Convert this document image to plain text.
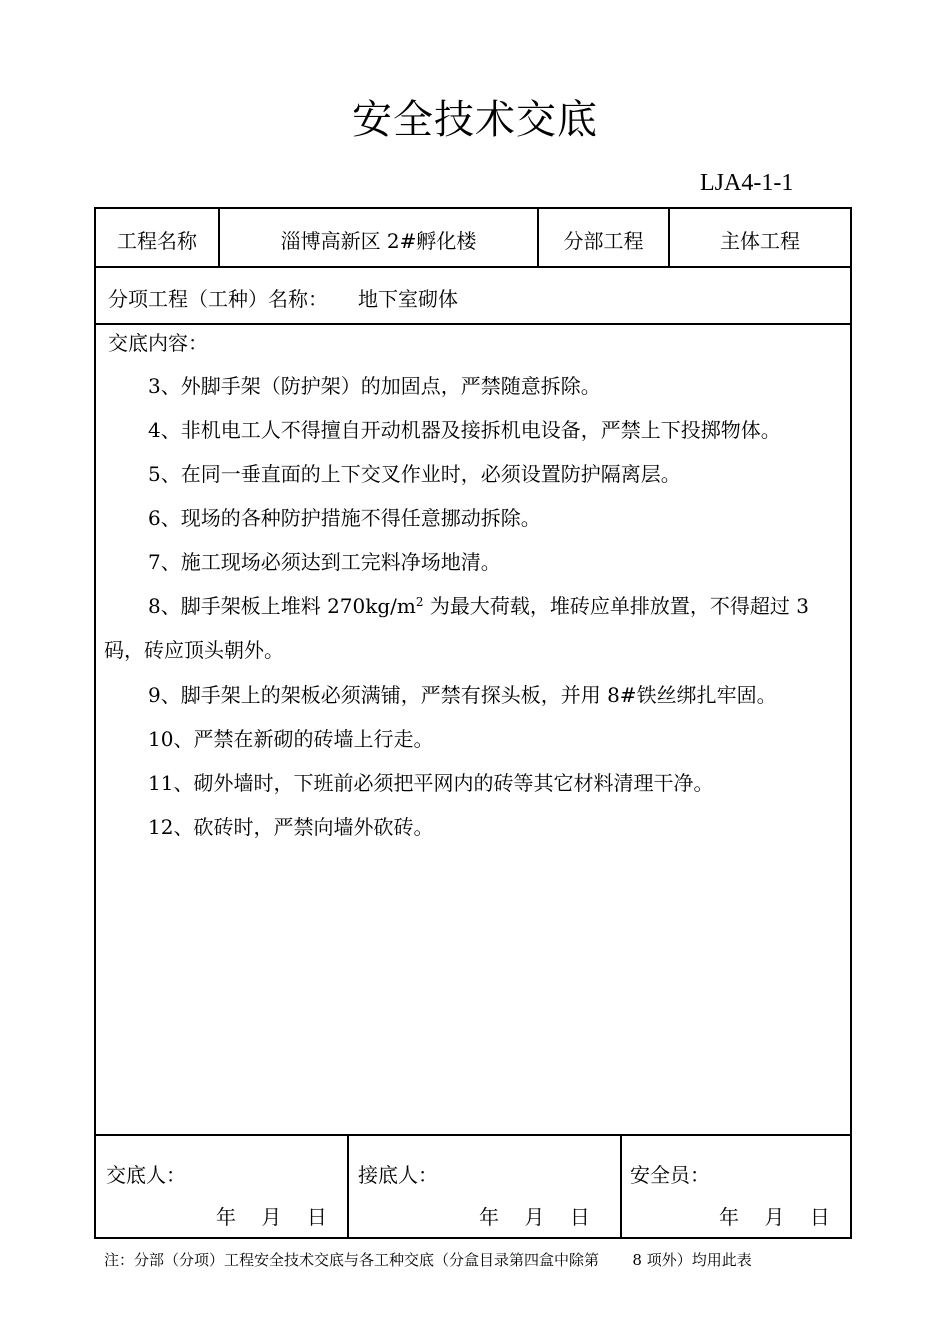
安全技术交底
LJA4-1-1
工程名称	淄博高新区 2#孵化楼	分部工程	主体工程
分项工程（工种）名称： 地下室砌体
交底内容：
3、外脚手架（防护架）的加固点，严禁随意拆除。
4、非机电工人不得擅自开动机器及接拆机电设备，严禁上下投掷物体。
5、在同一垂直面的上下交叉作业时，必须设置防护隔离层。
6、现场的各种防护措施不得任意挪动拆除。
7、施工现场必须达到工完料净场地清。
8、脚手架板上堆料 $270kg/m^2$ 为最大荷载，堆砖应单排放置，不得超过 3
码，砖应顶头朝外。
9、脚手架上的架板必须满铺，严禁有探头板，并用 8#铁丝绑扎牢固。
10、严禁在新砌的砖墙上行走。
11、砌外墙时，下班前必须把平网内的砖等其它材料清理干净。
12、砍砖时，严禁向墙外砍砖。
交底人：
年    月    日
接底人：
年    月    日
安全员：
年    月    日
注：分部（分项）工程安全技术交底与各工种交底（分盒目录第四盒中除第       8 项外）均用此表
